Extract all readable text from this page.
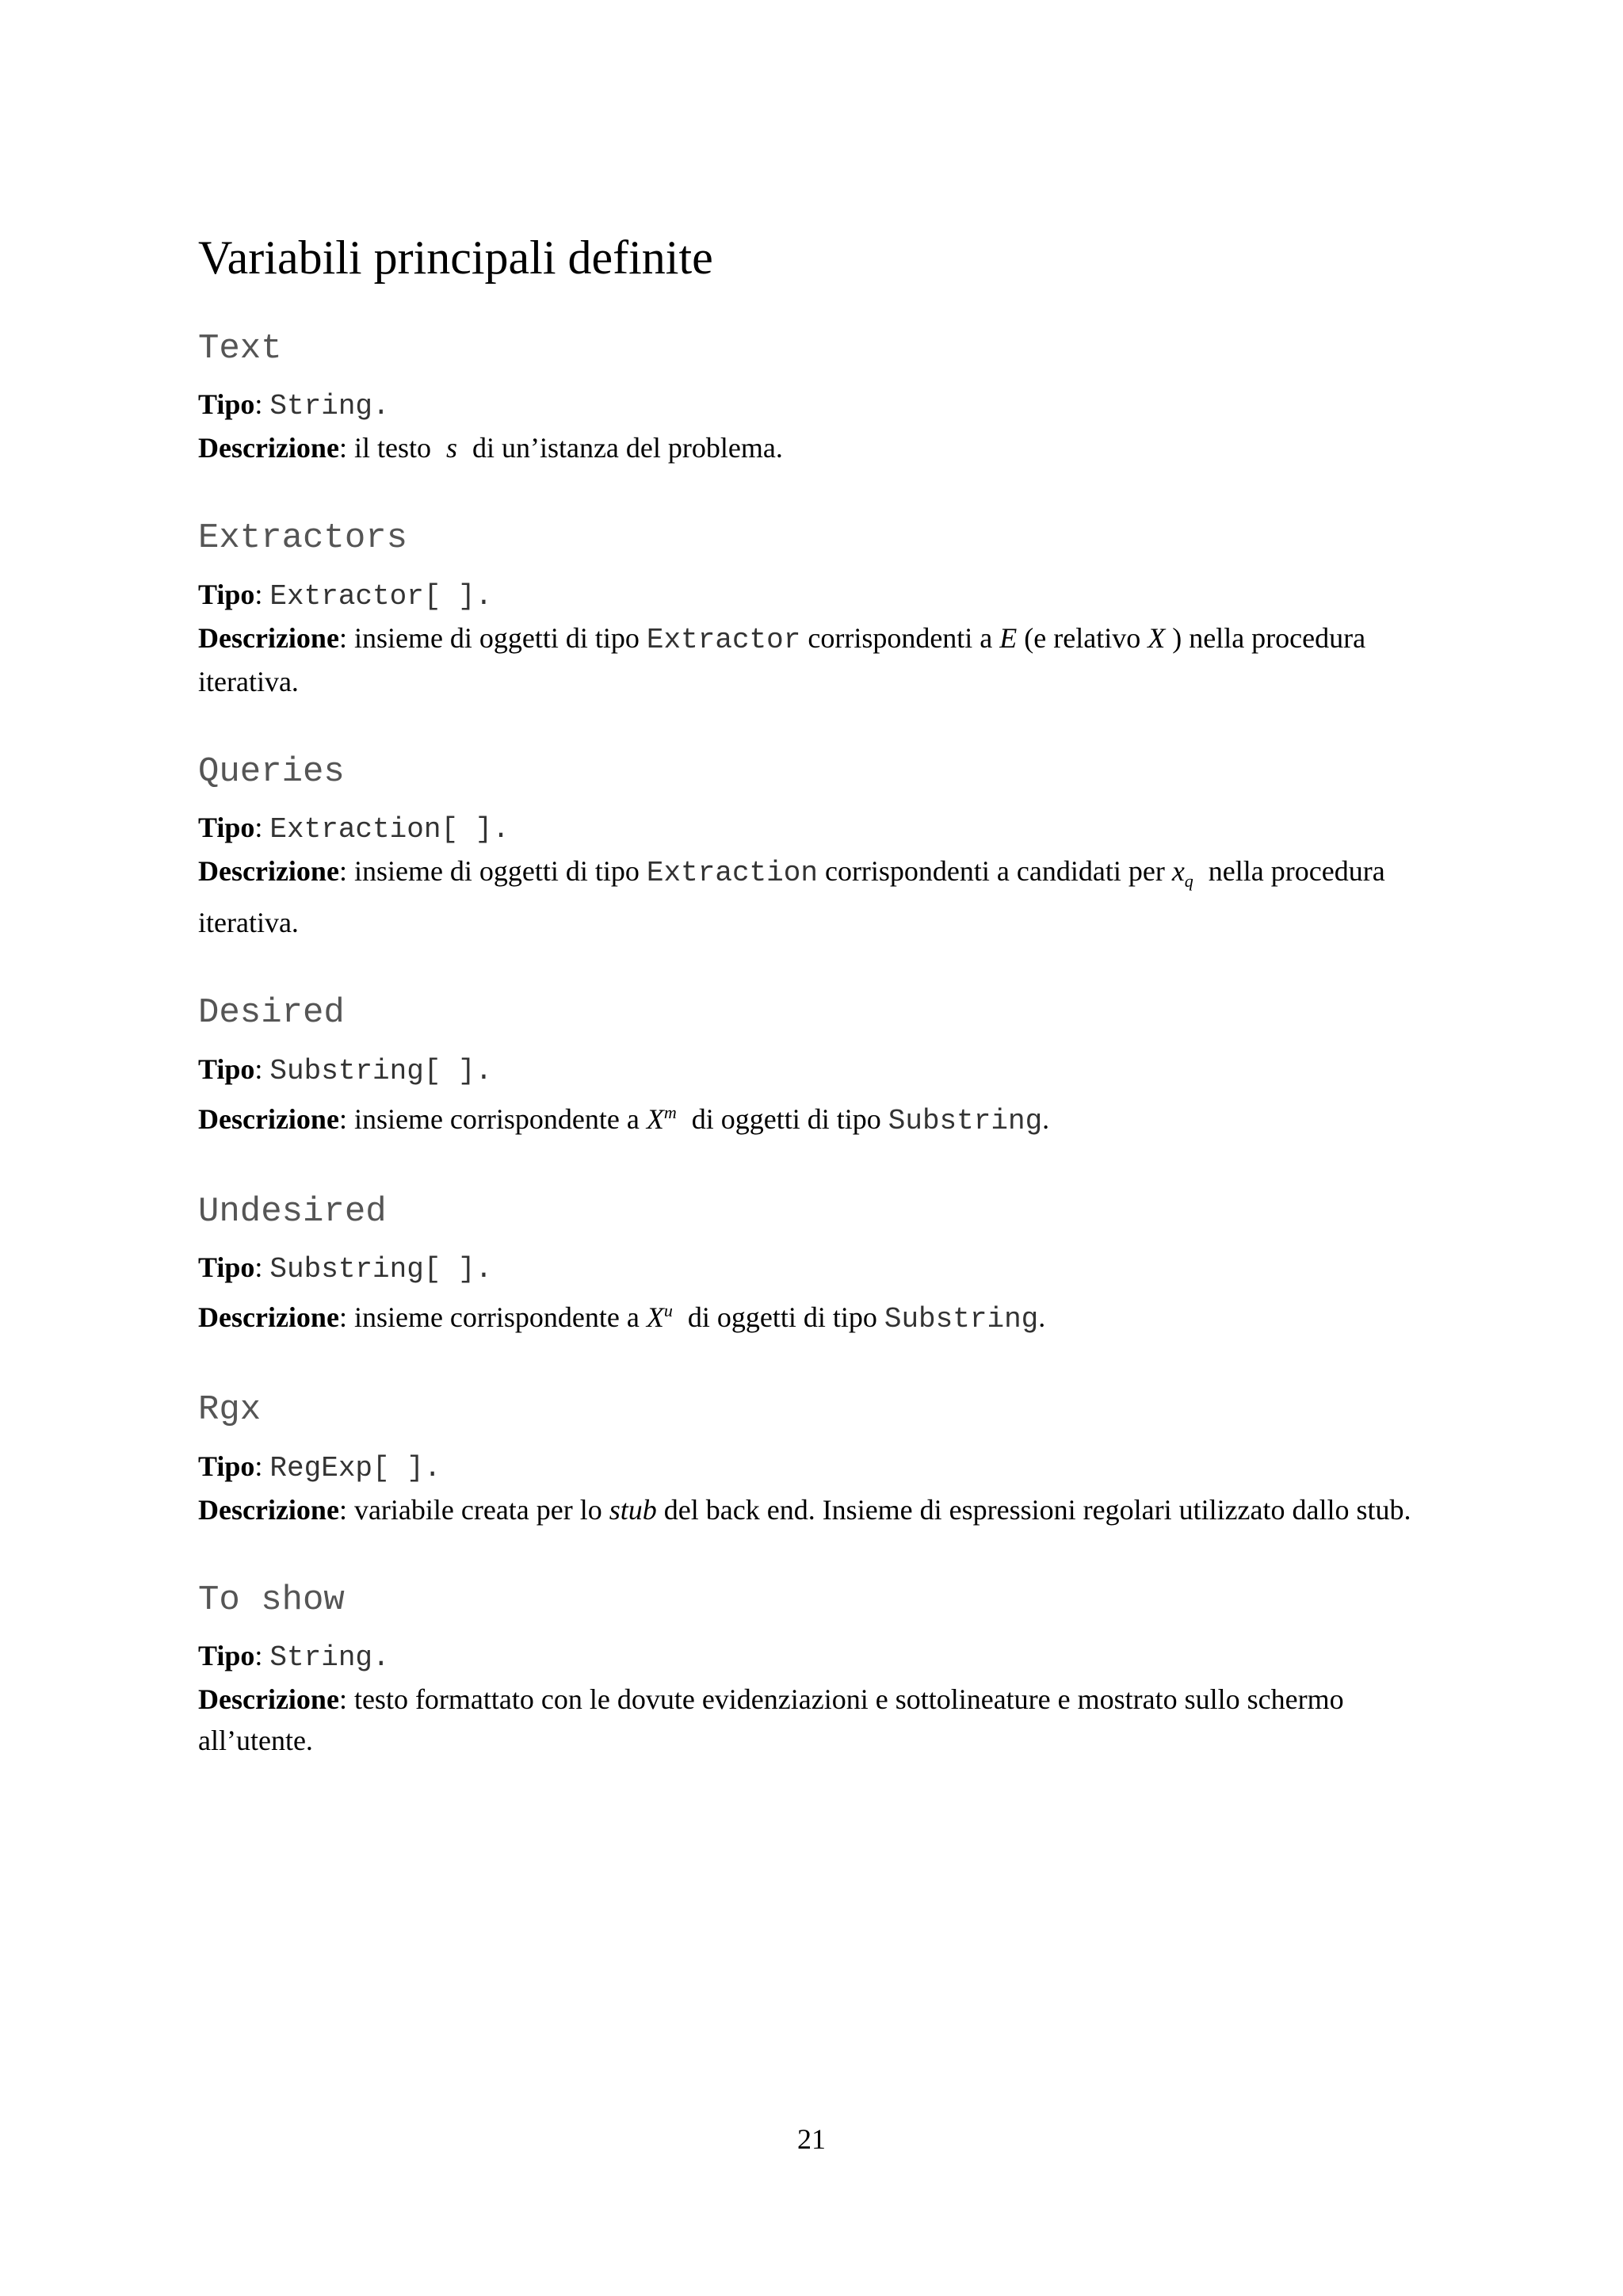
Variabili principali definite
Text
Tipo: String.
Descrizione: il testo s di un’istanza del problema.
Extractors
Tipo: Extractor[ ].
Descrizione: insieme di oggetti di tipo Extractor corrispondenti a E (e relativo X ) nella procedura iterativa.
Queries
Tipo: Extraction[ ].
Descrizione: insieme di oggetti di tipo Extraction corrispondenti a candidati per $x_q$ nella procedura iterativa.
Desired
Tipo: Substring[ ].
Descrizione: insieme corrispondente a $X^m$ di oggetti di tipo Substring.
Undesired
Tipo: Substring[ ].
Descrizione: insieme corrispondente a $X^u$ di oggetti di tipo Substring.
Rgx
Tipo: RegExp[ ].
Descrizione: variabile creata per lo stub del back end. Insieme di espressioni regolari utilizzato dallo stub.
To show
Tipo: String.
Descrizione: testo formattato con le dovute evidenziazioni e sottolineature e mostrato sullo schermo all’utente.
21
